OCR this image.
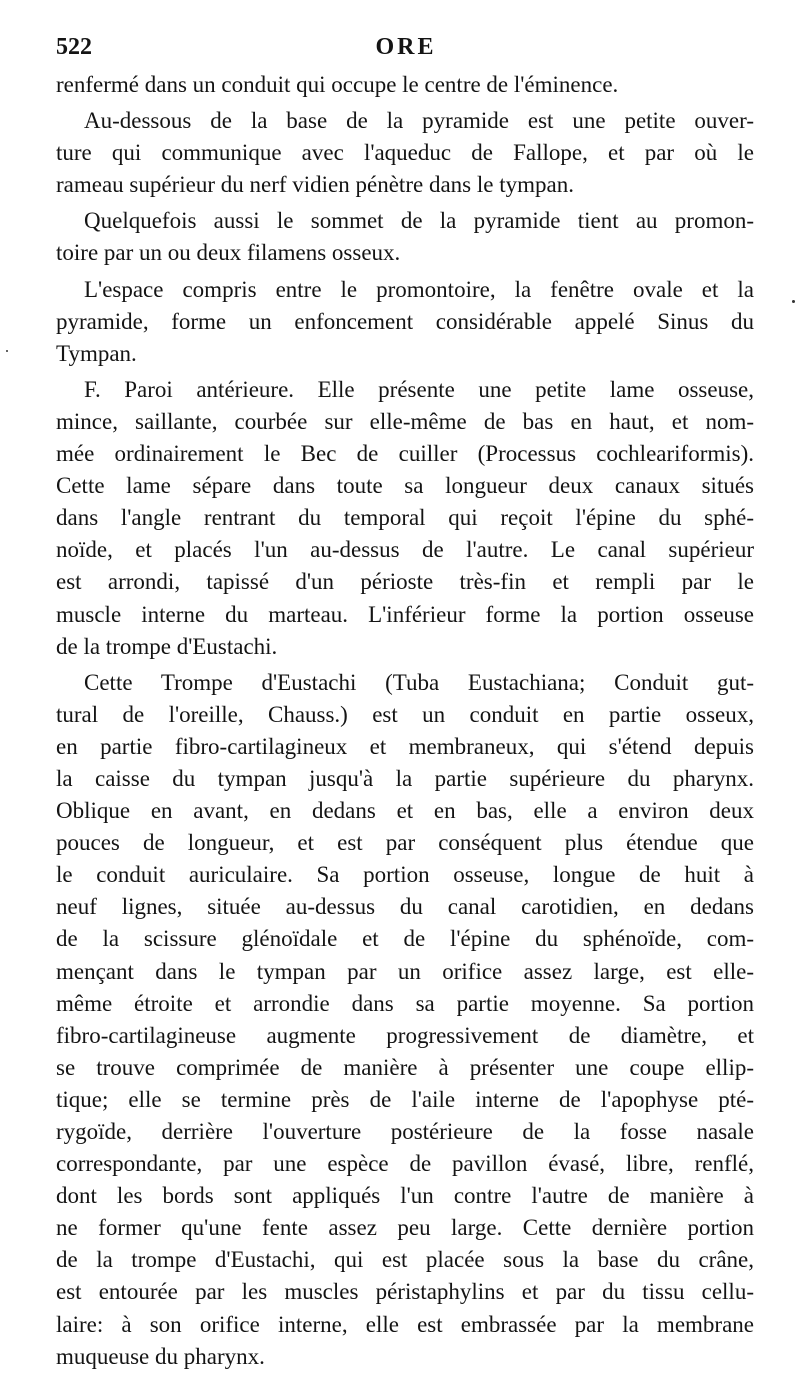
522	ORE
renfermé dans un conduit qui occupe le centre de l'éminence.
Au-dessous de la base de la pyramide est une petite ouver-
ture qui communique avec l'aqueduc de Fallope, et par où le
rameau supérieur du nerf vidien pénètre dans le tympan.
Quelquefois aussi le sommet de la pyramide tient au promon-
toire par un ou deux filamens osseux.
L'espace compris entre le promontoire, la fenêtre ovale et la
pyramide, forme un enfoncement considérable appelé Sinus du
Tympan.
F. Paroi antérieure. Elle présente une petite lame osseuse,
mince, saillante, courbée sur elle-même de bas en haut, et nom-
mée ordinairement le Bec de cuiller (Processus cochleariformis).
Cette lame sépare dans toute sa longueur deux canaux situés
dans l'angle rentrant du temporal qui reçoit l'épine du sphé-
noïde, et placés l'un au-dessus de l'autre. Le canal supérieur
est arrondi, tapissé d'un périoste très-fin et rempli par le
muscle interne du marteau. L'inférieur forme la portion osseuse
de la trompe d'Eustachi.
Cette Trompe d'Eustachi (Tuba Eustachiana; Conduit gut-
tural de l'oreille, Chauss.) est un conduit en partie osseux,
en partie fibro-cartilagineux et membraneux, qui s'étend depuis
la caisse du tympan jusqu'à la partie supérieure du pharynx.
Oblique en avant, en dedans et en bas, elle a environ deux
pouces de longueur, et est par conséquent plus étendue que
le conduit auriculaire. Sa portion osseuse, longue de huit à
neuf lignes, située au-dessus du canal carotidien, en dedans
de la scissure glénoïdale et de l'épine du sphénoïde, com-
mençant dans le tympan par un orifice assez large, est elle-
même étroite et arrondie dans sa partie moyenne. Sa portion
fibro-cartilagineuse augmente progressivement de diamètre, et
se trouve comprimée de manière à présenter une coupe ellip-
tique; elle se termine près de l'aile interne de l'apophyse pté-
rygoïde, derrière l'ouverture postérieure de la fosse nasale
correspondante, par une espèce de pavillon évasé, libre, renflé,
dont les bords sont appliqués l'un contre l'autre de manière à
ne former qu'une fente assez peu large. Cette dernière portion
de la trompe d'Eustachi, qui est placée sous la base du crâne,
est entourée par les muscles péristaphylins et par du tissu cellu-
laire: à son orifice interne, elle est embrassée par la membrane
muqueuse du pharynx.
